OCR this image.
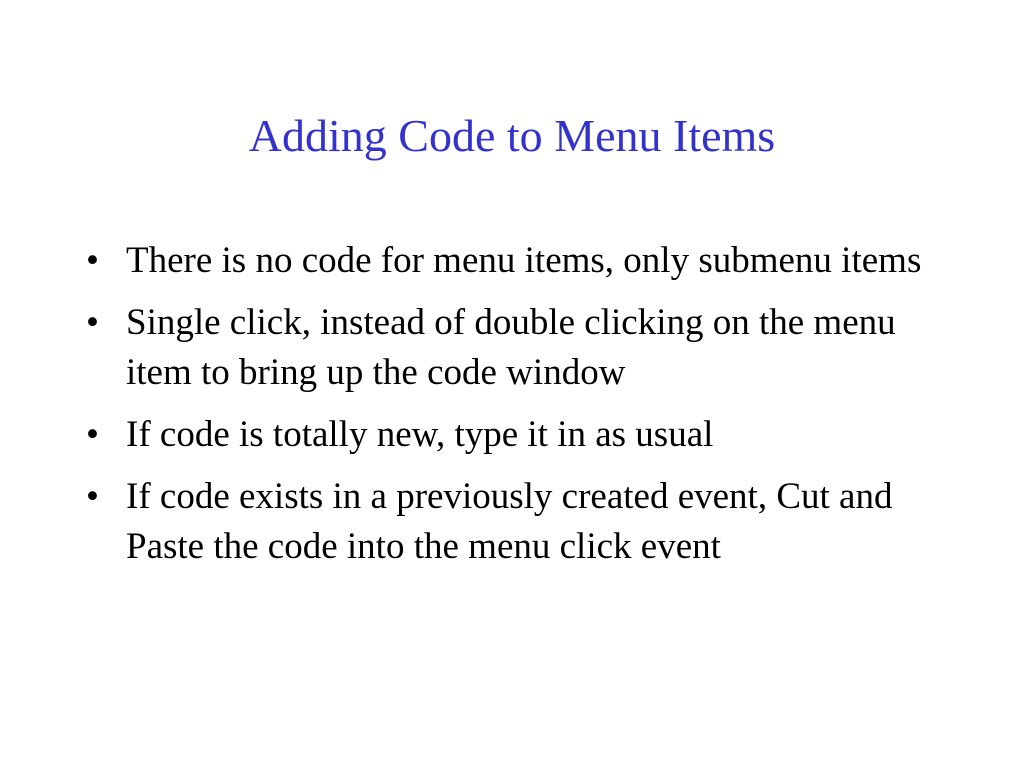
Adding Code to Menu Items
• There is no code for menu items, only submenu items
• Single click, instead of double clicking on the menu item to bring up the code window
• If code is totally new, type it in as usual
• If code exists in a previously created event, Cut and Paste the code into the menu click event
